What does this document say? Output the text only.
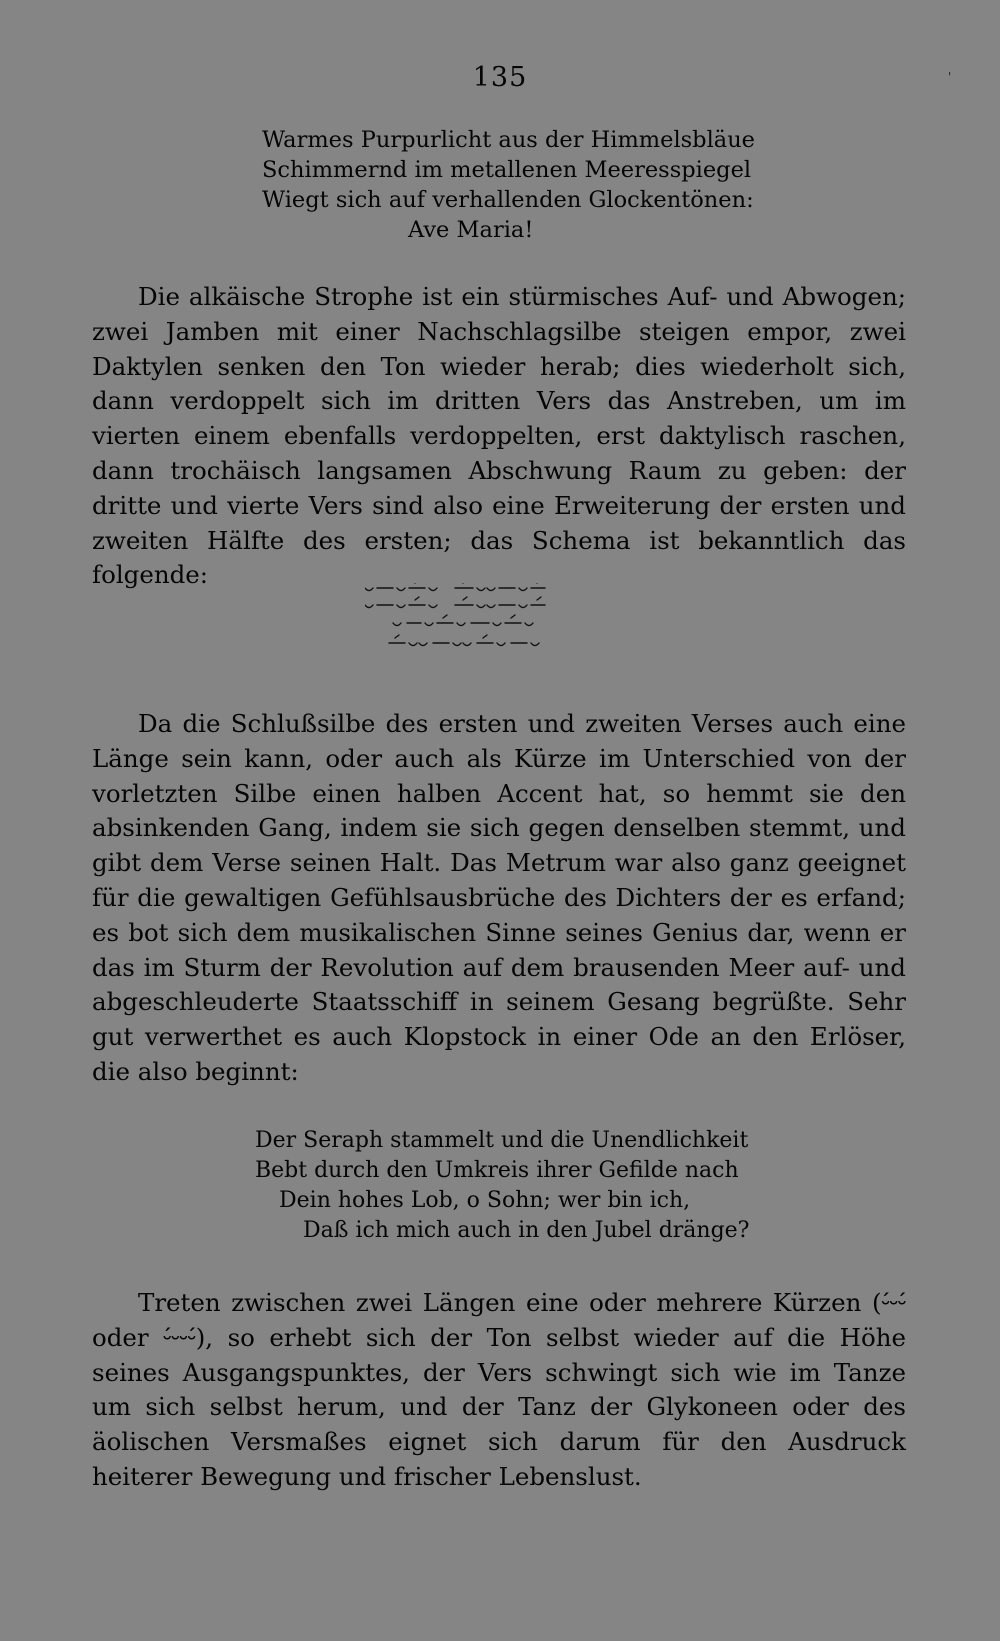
135	'
Warmes Purpurlicht aus der Himmelsbläue
Schimmernd im metallenen Meeresspiegel
Wiegt sich auf verhallenden Glockentönen:
Ave Maria!

Die alkäische Strophe ist ein stürmisches Auf- und Abwogen; zwei Jamben mit einer Nachschlagsilbe steigen empor, zwei Daktylen senken den Ton wieder herab; dies wiederholt sich, dann verdoppelt sich im dritten Vers das Anstreben, um im vierten einem ebenfalls verdoppelten, erst daktylisch raschen, dann trochäisch langsamen Abschwung Raum zu geben: der dritte und vierte Vers sind also eine Erweiterung der ersten und zweiten Hälfte des ersten; das Schema ist bekanntlich das folgende:

Da die Schlußsilbe des ersten und zweiten Verses auch eine Länge sein kann, oder auch als Kürze im Unterschied von der vorletzten Silbe einen halben Accent hat, so hemmt sie den absinkenden Gang, indem sie sich gegen denselben stemmt, und gibt dem Verse seinen Halt. Das Metrum war also ganz geeignet für die gewaltigen Gefühlsausbrüche des Dichters der es erfand; es bot sich dem musikalischen Sinne seines Genius dar, wenn er das im Sturm der Revolution auf dem brausenden Meer auf- und abgeschleuderte Staatsschiff in seinem Gesang begrüßte. Sehr gut verwerthet es auch Klopstock in einer Ode an den Erlöser, die also beginnt:

Der Seraph stammelt und die Unendlichkeit
Bebt durch den Umkreis ihrer Gefilde nach
Dein hohes Lob, o Sohn; wer bin ich,
Daß ich mich auch in den Jubel dränge?

Treten zwischen zwei Längen eine oder mehrere Kürzen (⏑́⏑⏑́ oder ⏑́⏑⏑⏑́), so erhebt sich der Ton selbst wieder auf die Höhe seines Ausgangspunktes, der Vers schwingt sich wie im Tanze um sich selbst herum, und der Tanz der Glykoneen oder des äolischen Versmaßes eignet sich darum für den Ausdruck heiterer Bewegung und frischer Lebenslust.
